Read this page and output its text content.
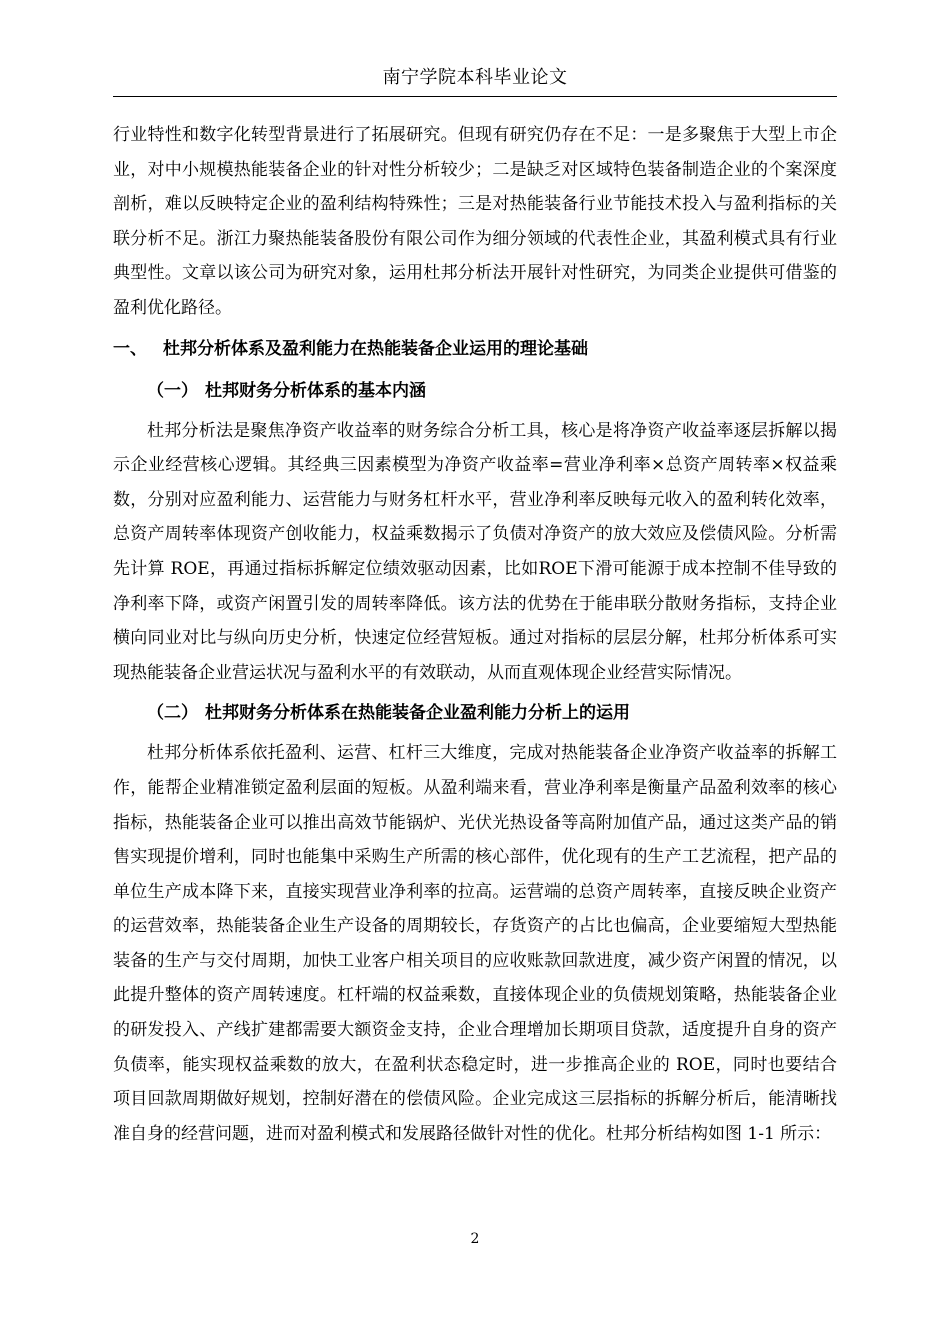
南宁学院本科毕业论文

行业特性和数字化转型背景进行了拓展研究。但现有研究仍存在不足：一是多聚焦于大型上市企业，对中小规模热能装备企业的针对性分析较少；二是缺乏对区域特色装备制造企业的个案深度剖析，难以反映特定企业的盈利结构特殊性；三是对热能装备行业节能技术投入与盈利指标的关联分析不足。浙江力聚热能装备股份有限公司作为细分领域的代表性企业，其盈利模式具有行业典型性。文章以该公司为研究对象，运用杜邦分析法开展针对性研究，为同类企业提供可借鉴的盈利优化路径。

一、 杜邦分析体系及盈利能力在热能装备企业运用的理论基础
（一） 杜邦财务分析体系的基本内涵

杜邦分析法是聚焦净资产收益率的财务综合分析工具，核心是将净资产收益率逐层拆解以揭示企业经营核心逻辑。其经典三因素模型为净资产收益率=营业净利率×总资产周转率×权益乘数，分别对应盈利能力、运营能力与财务杠杆水平，营业净利率反映每元收入的盈利转化效率，总资产周转率体现资产创收能力，权益乘数揭示了负债对净资产的放大效应及偿债风险。分析需先计算 ROE，再通过指标拆解定位绩效驱动因素，比如ROE下滑可能源于成本控制不佳导致的净利率下降，或资产闲置引发的周转率降低。该方法的优势在于能串联分散财务指标，支持企业横向同业对比与纵向历史分析，快速定位经营短板。通过对指标的层层分解，杜邦分析体系可实现热能装备企业营运状况与盈利水平的有效联动，从而直观体现企业经营实际情况。

（二） 杜邦财务分析体系在热能装备企业盈利能力分析上的运用

杜邦分析体系依托盈利、运营、杠杆三大维度，完成对热能装备企业净资产收益率的拆解工作，能帮企业精准锁定盈利层面的短板。从盈利端来看，营业净利率是衡量产品盈利效率的核心指标，热能装备企业可以推出高效节能锅炉、光伏光热设备等高附加值产品，通过这类产品的销售实现提价增利，同时也能集中采购生产所需的核心部件，优化现有的生产工艺流程，把产品的单位生产成本降下来，直接实现营业净利率的拉高。运营端的总资产周转率，直接反映企业资产的运营效率，热能装备企业生产设备的周期较长，存货资产的占比也偏高，企业要缩短大型热能装备的生产与交付周期，加快工业客户相关项目的应收账款回款进度，减少资产闲置的情况，以此提升整体的资产周转速度。杠杆端的权益乘数，直接体现企业的负债规划策略，热能装备企业的研发投入、产线扩建都需要大额资金支持，企业合理增加长期项目贷款，适度提升自身的资产负债率，能实现权益乘数的放大，在盈利状态稳定时，进一步推高企业的 ROE，同时也要结合项目回款周期做好规划，控制好潜在的偿债风险。企业完成这三层指标的拆解分析后，能清晰找准自身的经营问题，进而对盈利模式和发展路径做针对性的优化。杜邦分析结构如图 1-1 所示：

2
